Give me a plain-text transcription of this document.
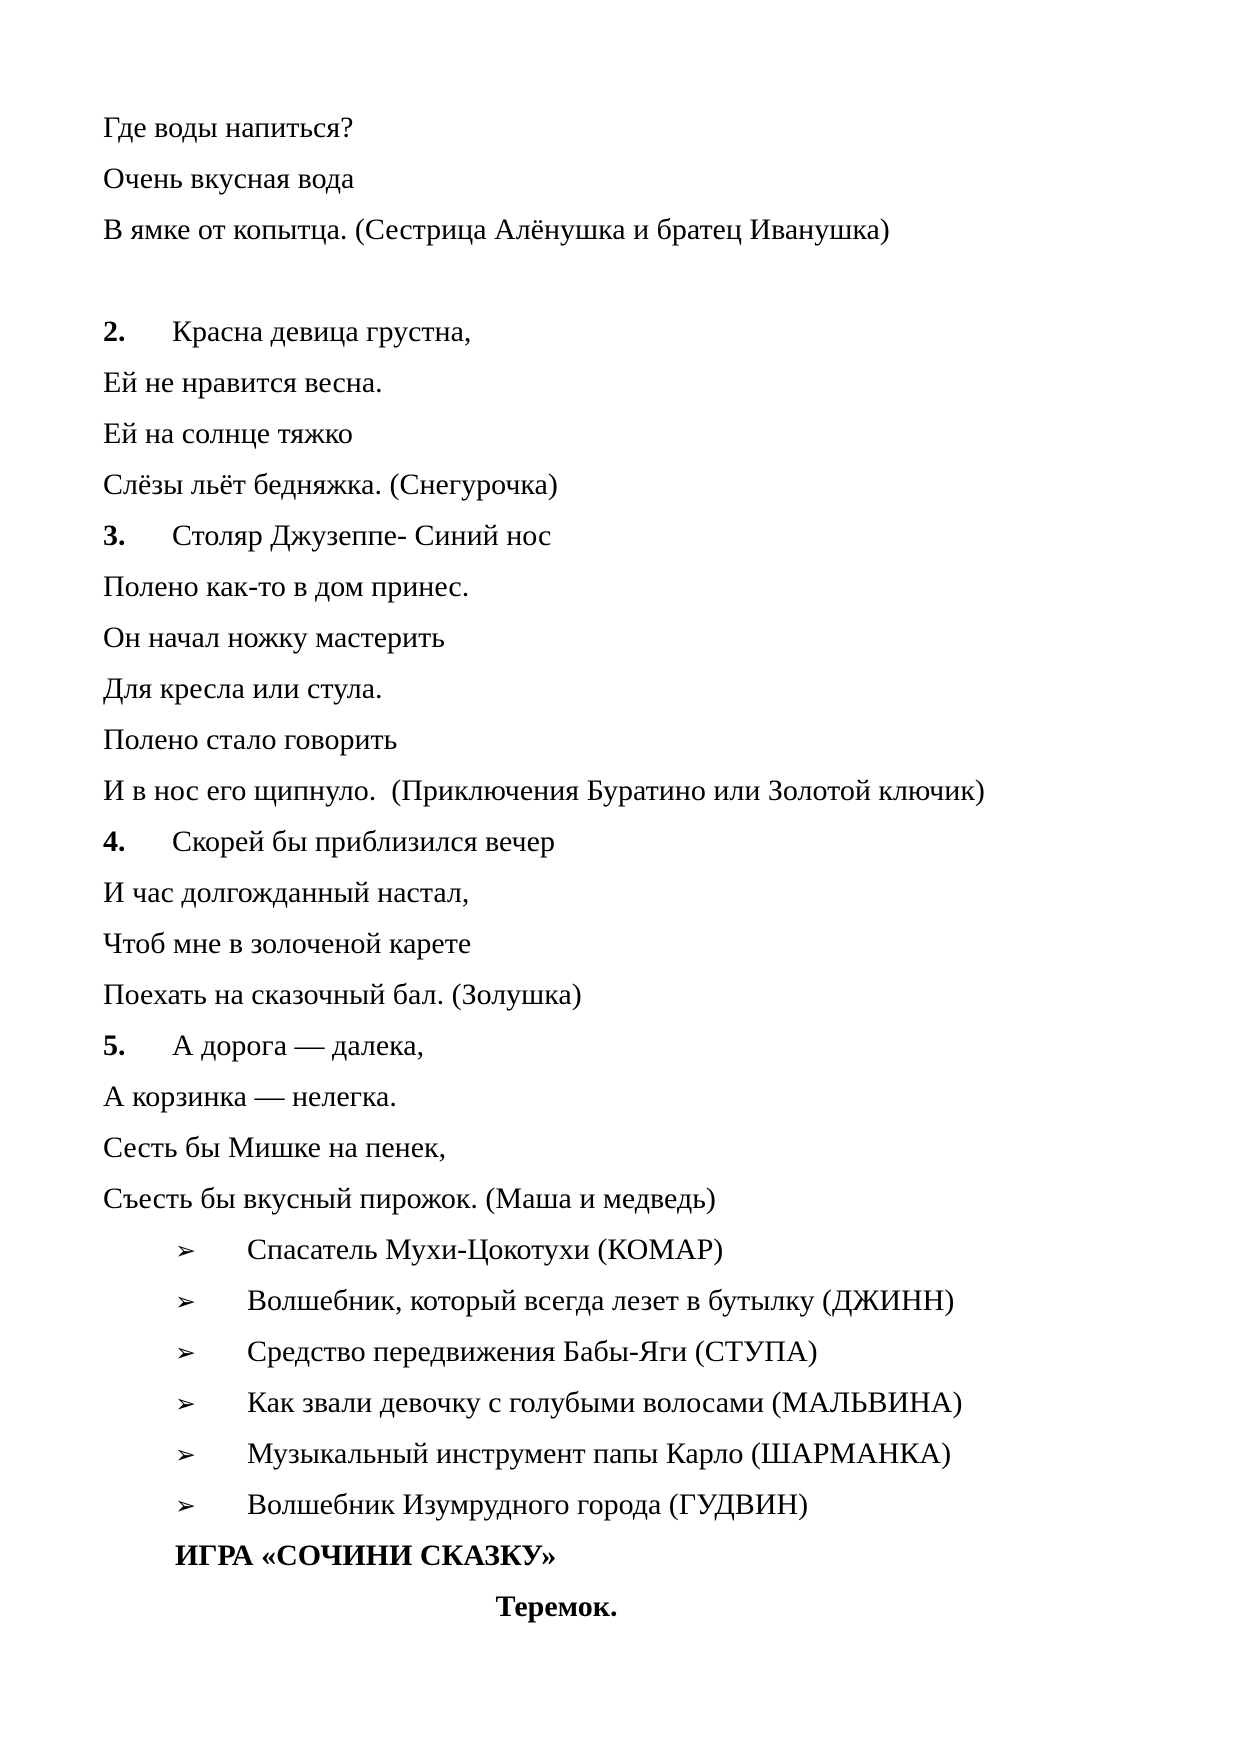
Где воды напиться?
Очень вкусная вода
В ямке от копытца. (Сестрица Алёнушка и братец Иванушка)
2. Красна девица грустна,
Ей не нравится весна.
Ей на солнце тяжко
Слёзы льёт бедняжка. (Снегурочка)
3. Столяр Джузеппе- Синий нос
Полено как-то в дом принес.
Он начал ножку мастерить
Для кресла или стула.
Полено стало говорить
И в нос его щипнуло.  (Приключения Буратино или Золотой ключик)
4. Скорей бы приблизился вечер
И час долгожданный настал,
Чтоб мне в золоченой карете
Поехать на сказочный бал. (Золушка)
5. А дорога — далека,
А корзинка — нелегка.
Сесть бы Мишке на пенек,
Съесть бы вкусный пирожок. (Маша и медведь)
➢ Спасатель Мухи-Цокотухи (КОМАР)
➢ Волшебник, который всегда лезет в бутылку (ДЖИНН)
➢ Средство передвижения Бабы-Яги (СТУПА)
➢ Как звали девочку с голубыми волосами (МАЛЬВИНА)
➢ Музыкальный инструмент папы Карло (ШАРМАНКА)
➢ Волшебник Изумрудного города (ГУДВИН)
ИГРА «СОЧИНИ СКАЗКУ»
Теремок.
